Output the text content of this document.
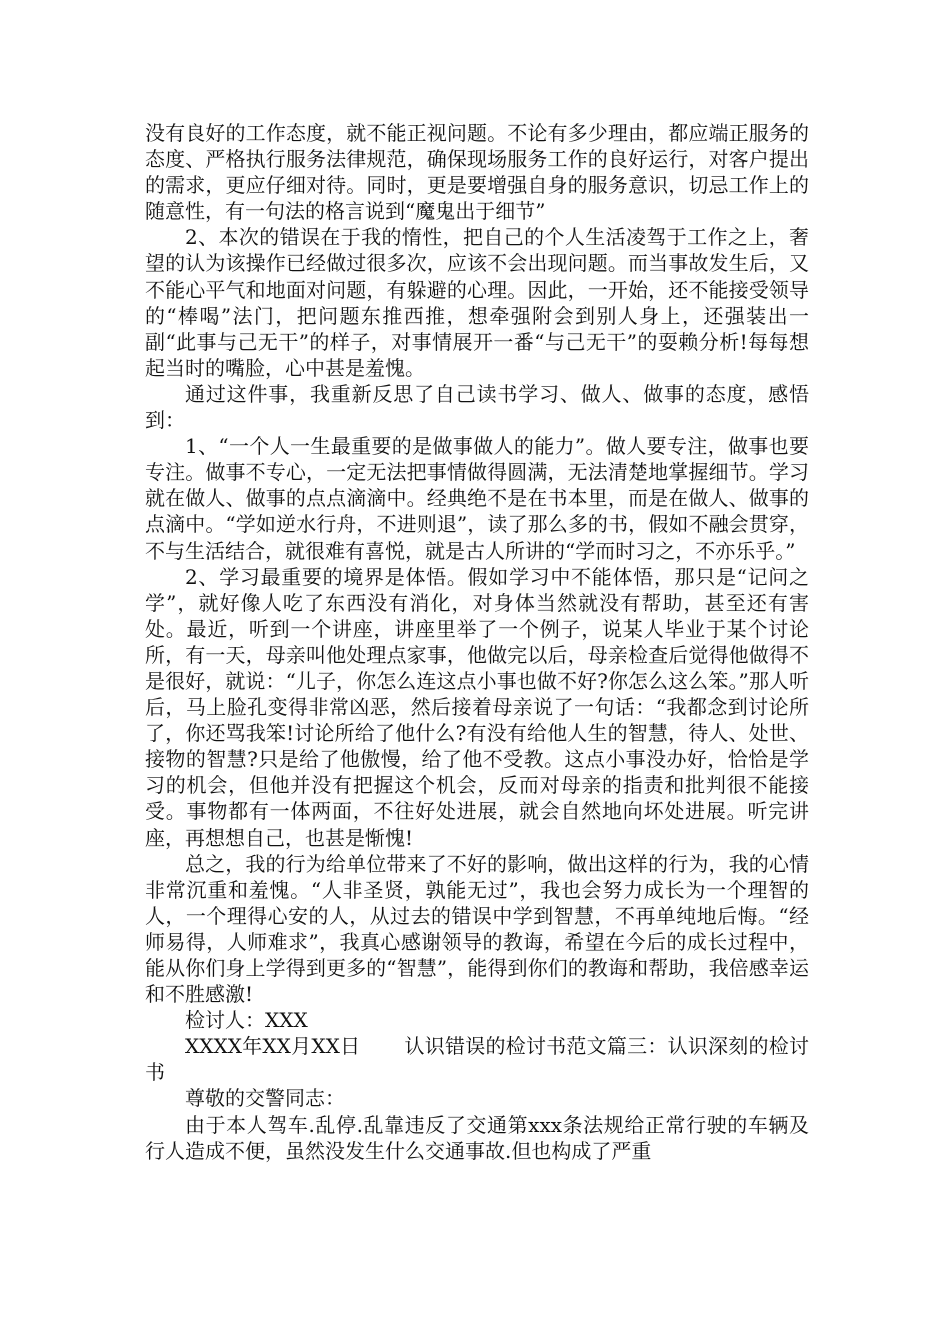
没有良好的工作态度，就不能正视问题。不论有多少理由，都应端正服务的态度、严格执行服务法律规范，确保现场服务工作的良好运行，对客户提出的需求，更应仔细对待。同时，更是要增强自身的服务意识，切忌工作上的随意性，有一句法的格言说到“魔鬼出于细节”

2、本次的错误在于我的惰性，把自己的个人生活凌驾于工作之上，奢望的认为该操作已经做过很多次，应该不会出现问题。而当事故发生后，又不能心平气和地面对问题，有躲避的心理。因此，一开始，还不能接受领导的“棒喝”法门，把问题东推西推，想牵强附会到别人身上，还强装出一副“此事与己无干”的样子，对事情展开一番“与己无干”的耍赖分析!每每想起当时的嘴脸，心中甚是羞愧。

通过这件事，我重新反思了自己读书学习、做人、做事的态度，感悟到：

1、“一个人一生最重要的是做事做人的能力”。做人要专注，做事也要专注。做事不专心，一定无法把事情做得圆满，无法清楚地掌握细节。学习就在做人、做事的点点滴滴中。经典绝不是在书本里，而是在做人、做事的点滴中。“学如逆水行舟，不进则退”，读了那么多的书，假如不融会贯穿，不与生活结合，就很难有喜悦，就是古人所讲的“学而时习之，不亦乐乎。”

2、学习最重要的境界是体悟。假如学习中不能体悟，那只是“记问之学”，就好像人吃了东西没有消化，对身体当然就没有帮助，甚至还有害处。最近，听到一个讲座，讲座里举了一个例子，说某人毕业于某个讨论所，有一天，母亲叫他处理点家事，他做完以后，母亲检查后觉得他做得不是很好，就说：“儿子，你怎么连这点小事也做不好?你怎么这么笨。”那人听后，马上脸孔变得非常凶恶，然后接着母亲说了一句话：“我都念到讨论所了，你还骂我笨!讨论所给了他什么?有没有给他人生的智慧，待人、处世、接物的智慧?只是给了他傲慢，给了他不受教。这点小事没办好，恰恰是学习的机会，但他并没有把握这个机会，反而对母亲的指责和批判很不能接受。事物都有一体两面，不往好处进展，就会自然地向坏处进展。听完讲座，再想想自己，也甚是惭愧!

总之，我的行为给单位带来了不好的影响，做出这样的行为，我的心情非常沉重和羞愧。“人非圣贤，孰能无过”，我也会努力成长为一个理智的人，一个理得心安的人，从过去的错误中学到智慧，不再单纯地后悔。“经师易得，人师难求”，我真心感谢领导的教诲，希望在今后的成长过程中，能从你们身上学得到更多的“智慧”，能得到你们的教诲和帮助，我倍感幸运和不胜感激!

检讨人：XXX

XXXX年XX月XX日 认识错误的检讨书范文篇三：认识深刻的检讨书

尊敬的交警同志：

由于本人驾车.乱停.乱靠违反了交通第xxx条法规给正常行驶的车辆及行人造成不便，虽然没发生什么交通事故.但也构成了严重
